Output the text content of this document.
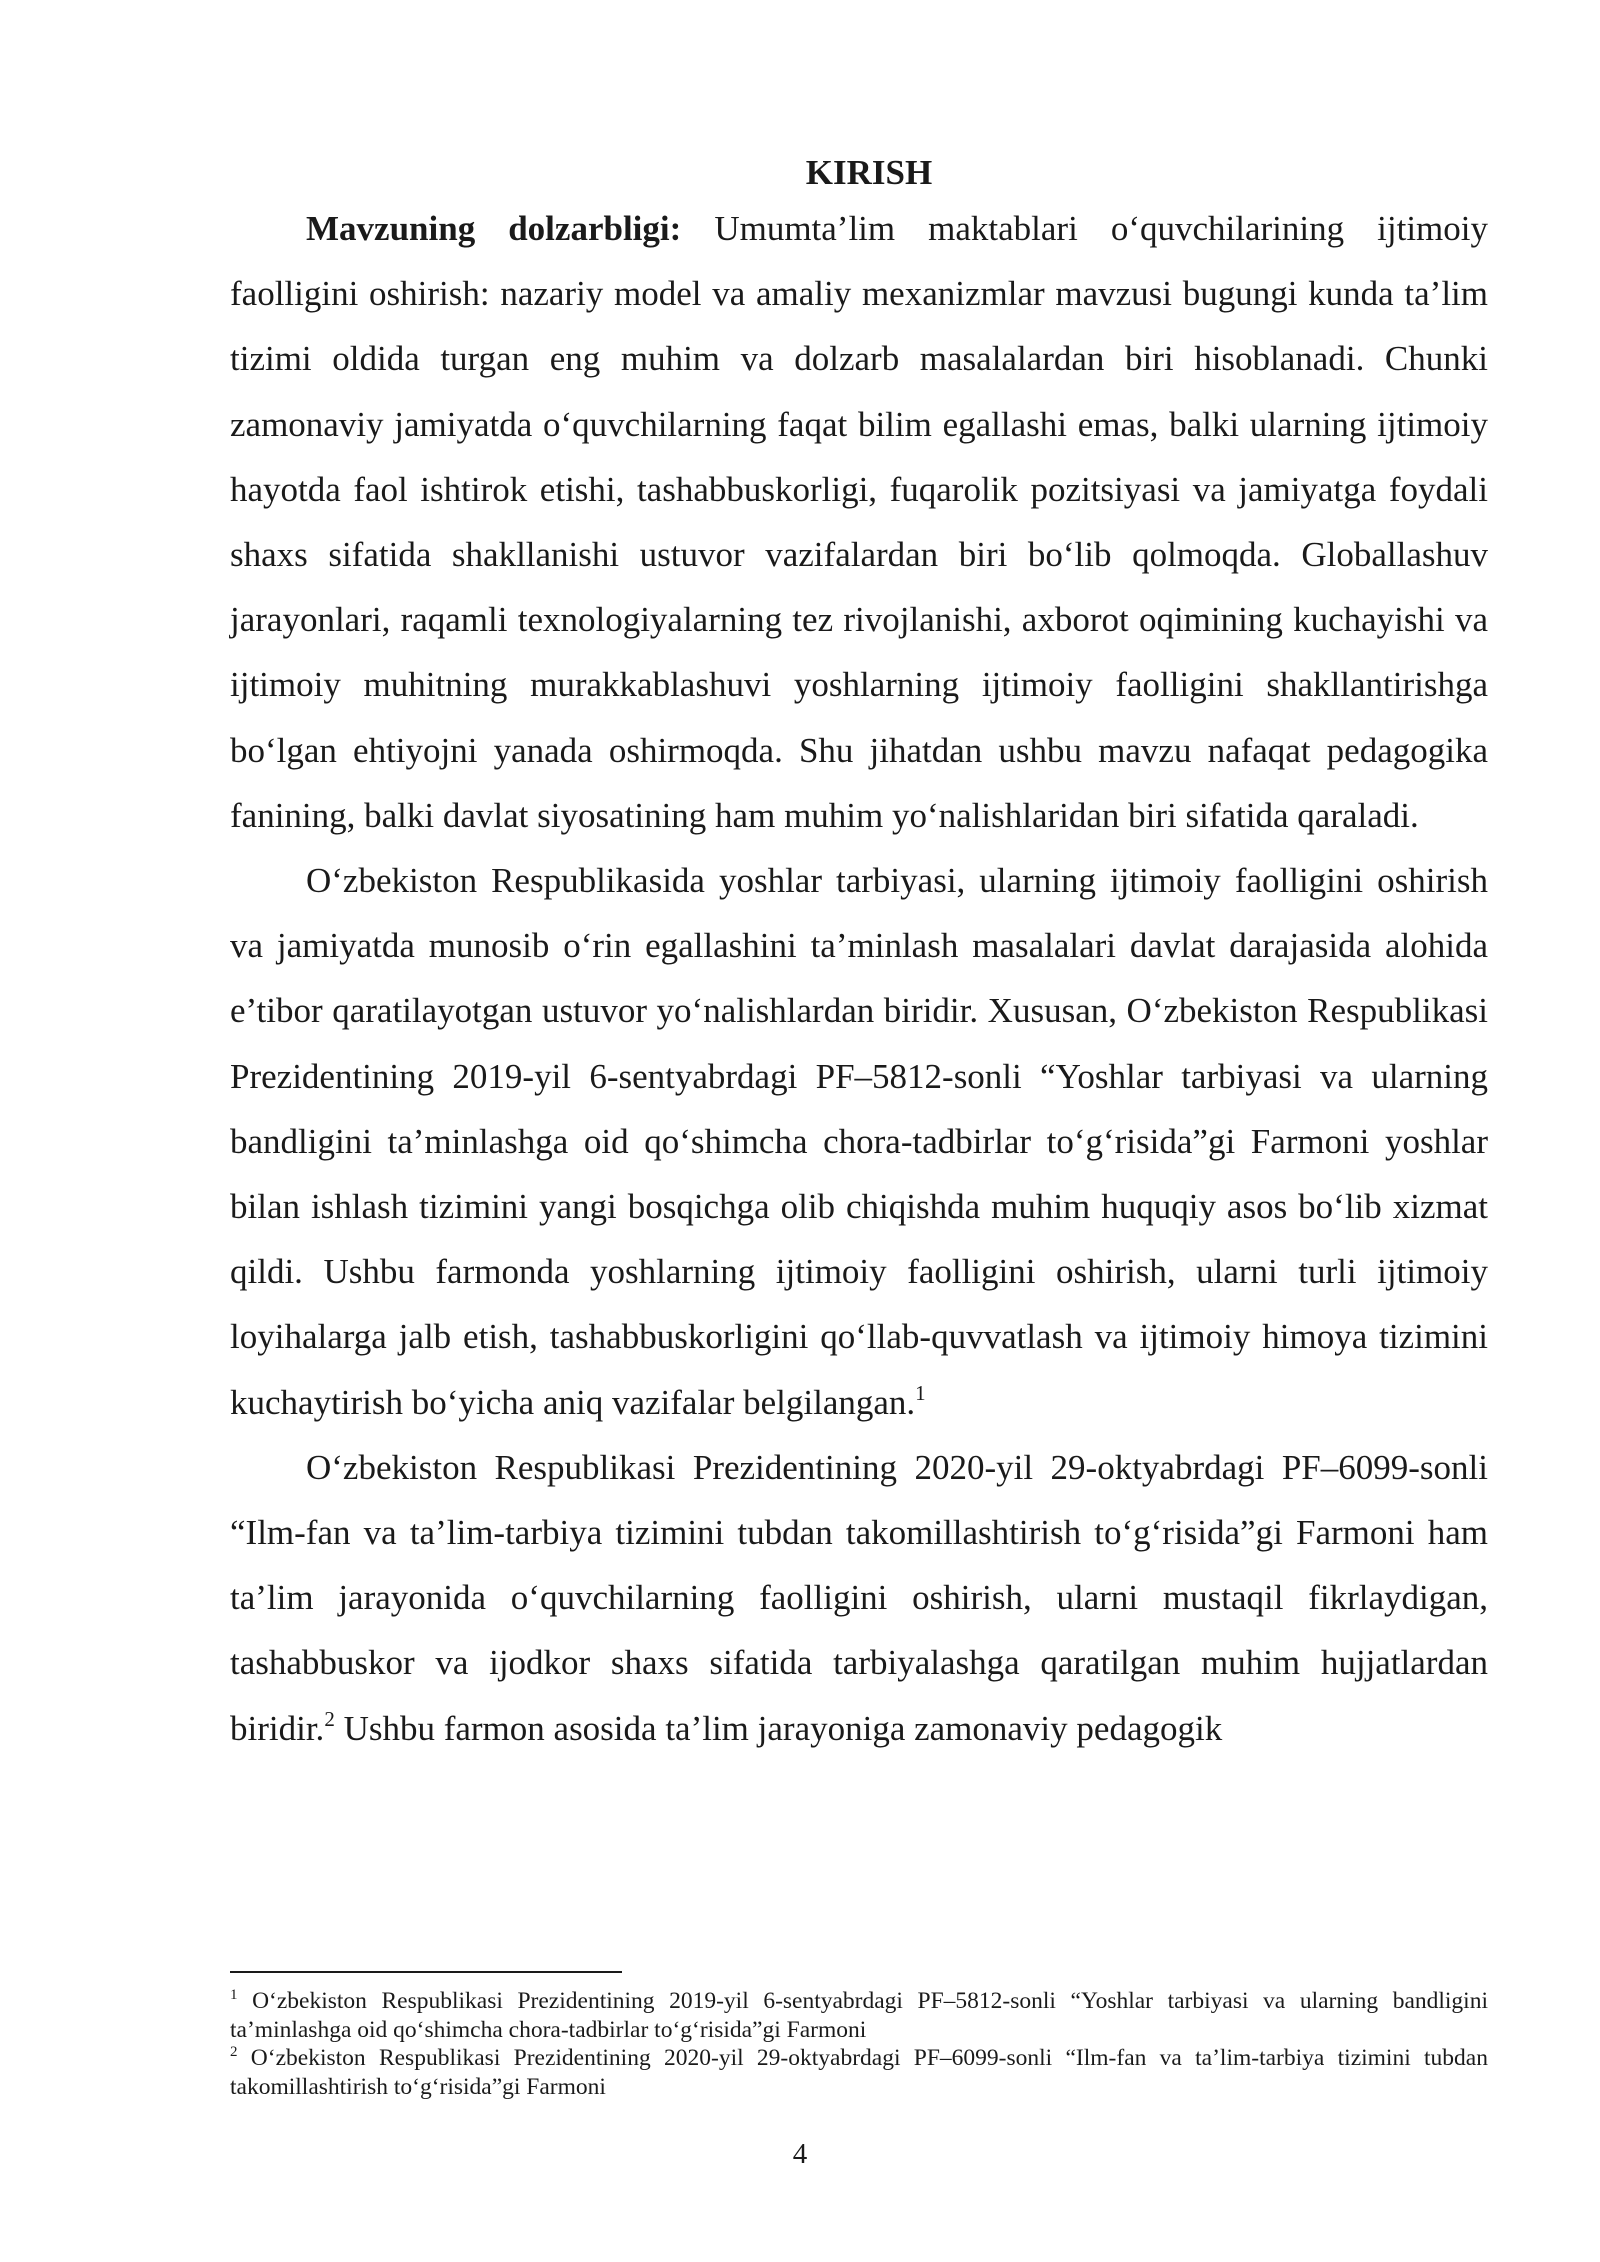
KIRISH

Mavzuning dolzarbligi: Umumta’lim maktablari o‘quvchilarining ijtimoiy faolligini oshirish: nazariy model va amaliy mexanizmlar mavzusi bugungi kunda ta’lim tizimi oldida turgan eng muhim va dolzarb masalalardan biri hisoblanadi. Chunki zamonaviy jamiyatda o‘quvchilarning faqat bilim egallashi emas, balki ularning ijtimoiy hayotda faol ishtirok etishi, tashabbuskorligi, fuqarolik pozitsiyasi va jamiyatga foydali shaxs sifatida shakllanishi ustuvor vazifalardan biri bo‘lib qolmoqda. Globallashuv jarayonlari, raqamli texnologiyalarning tez rivojlanishi, axborot oqimining kuchayishi va ijtimoiy muhitning murakkablashuvi yoshlarning ijtimoiy faolligini shakllantirishga bo‘lgan ehtiyojni yanada oshirmoqda. Shu jihatdan ushbu mavzu nafaqat pedagogika fanining, balki davlat siyosatining ham muhim yo‘nalishlaridan biri sifatida qaraladi.

O‘zbekiston Respublikasida yoshlar tarbiyasi, ularning ijtimoiy faolligini oshirish va jamiyatda munosib o‘rin egallashini ta’minlash masalalari davlat darajasida alohida e’tibor qaratilayotgan ustuvor yo‘nalishlardan biridir. Xususan, O‘zbekiston Respublikasi Prezidentining 2019-yil 6-sentyabrdagi PF–5812-sonli “Yoshlar tarbiyasi va ularning bandligini ta’minlashga oid qo‘shimcha chora-tadbirlar to‘g‘risida”gi Farmoni yoshlar bilan ishlash tizimini yangi bosqichga olib chiqishda muhim huquqiy asos bo‘lib xizmat qildi. Ushbu farmonda yoshlarning ijtimoiy faolligini oshirish, ularni turli ijtimoiy loyihalarga jalb etish, tashabbuskorligini qo‘llab-quvvatlash va ijtimoiy himoya tizimini kuchaytirish bo‘yicha aniq vazifalar belgilangan.$^1$

O‘zbekiston Respublikasi Prezidentining 2020-yil 29-oktyabrdagi PF–6099-sonli “Ilm-fan va ta’lim-tarbiya tizimini tubdan takomillashtirish to‘g‘risida”gi Farmoni ham ta’lim jarayonida o‘quvchilarning faolligini oshirish, ularni mustaqil fikrlaydigan, tashabbuskor va ijodkor shaxs sifatida tarbiyalashga qaratilgan muhim hujjatlardan biridir.$^2$ Ushbu farmon asosida ta’lim jarayoniga zamonaviy pedagogik

$^1$ O‘zbekiston Respublikasi Prezidentining 2019-yil 6-sentyabrdagi PF–5812-sonli “Yoshlar tarbiyasi va ularning bandligini ta’minlashga oid qo‘shimcha chora-tadbirlar to‘g‘risida”gi Farmoni

$^2$ O‘zbekiston Respublikasi Prezidentining 2020-yil 29-oktyabrdagi PF–6099-sonli “Ilm-fan va ta’lim-tarbiya tizimini tubdan takomillashtirish to‘g‘risida”gi Farmoni

4
